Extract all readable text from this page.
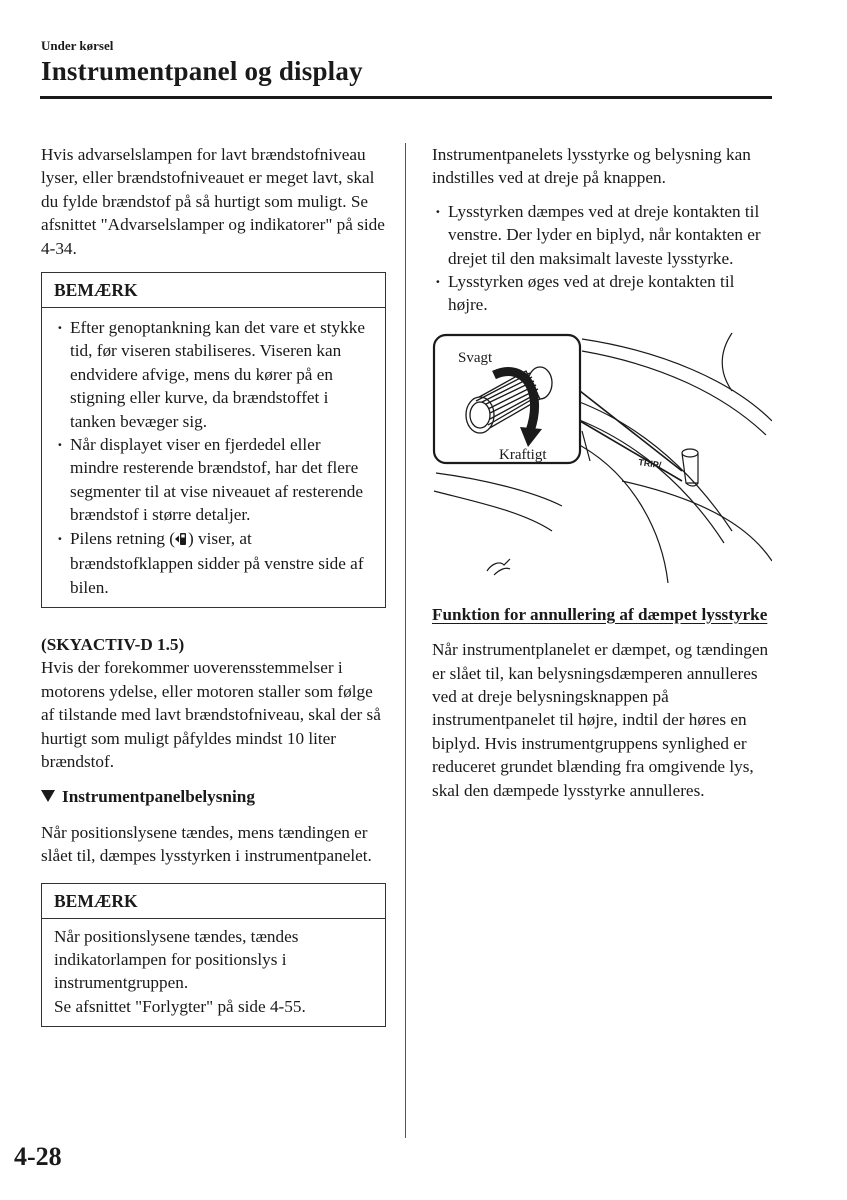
Under kørsel
Instrumentpanel og display

Hvis advarselslampen for lavt brændstofniveau lyser, eller brændstofniveauet er meget lavt, skal du fylde brændstof på så hurtigt som muligt. Se afsnittet "Advarselslamper og indikatorer" på side 4-34.

BEMÆRK
· Efter genoptankning kan det vare et stykke tid, før viseren stabiliseres. Viseren kan endvidere afvige, mens du kører på en stigning eller kurve, da brændstoffet i tanken bevæger sig.
· Når displayet viser en fjerdedel eller mindre resterende brændstof, har det flere segmenter til at vise niveauet af resterende brændstof i større detaljer.
· Pilens retning ( ) viser, at brændstofklappen sidder på venstre side af bilen.
(SKYACTIV-D 1.5)

Hvis der forekommer uoverensstemmelser i motorens ydelse, eller motoren staller som følge af tilstande med lavt brændstofniveau, skal der så hurtigt som muligt påfyldes mindst 10 liter brændstof.

Instrumentpanelbelysning

Når positionslysene tændes, mens tændingen er slået til, dæmpes lysstyrken i instrumentpanelet.

BEMÆRK
Når positionslysene tændes, tændes indikatorlampen for positionslys i instrumentgruppen.
Se afsnittet "Forlygter" på side 4-55.

Instrumentpanelets lysstyrke og belysning kan indstilles ved at dreje på knappen.

· Lysstyrken dæmpes ved at dreje kontakten til venstre. Der lyder en biplyd, når kontakten er drejet til den maksimalt laveste lysstyrke.
· Lysstyrken øges ved at dreje kontakten til højre.
TRIP/
Svagt
Kraftigt
Funktion for annullering af dæmpet lysstyrke

Når instrumentplanelet er dæmpet, og tændingen er slået til, kan belysningsdæmperen annulleres ved at dreje belysningsknappen på instrumentpanelet til højre, indtil der høres en biplyd. Hvis instrumentgruppens synlighed er reduceret grundet blænding fra omgivende lys, skal den dæmpede lysstyrke annulleres.

4-28
